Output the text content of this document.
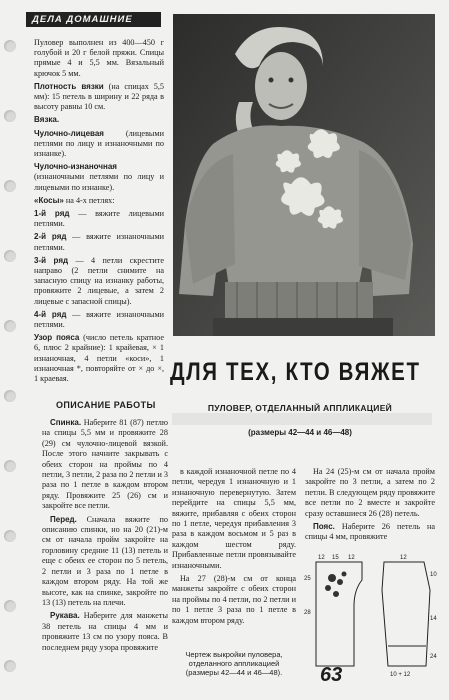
ДЕЛА ДОМАШНИЕ

Пуловер выполнен из 400—450 г голубой и 20 г белой пряжи. Спицы прямые 4 и 5,5 мм. Вязальный крючок 5 мм.

Плотность вязки (на спицах 5,5 мм): 15 петель в ширину и 22 ряда в высоту равны 10 см.

Вязка.

Чулочно-лицевая	(лицевыми петлями по лицу и изнаночными по изнанке).

Чулочно-изнаночная (изнаночными петлями по лицу и лицевыми по изнанке).

«Косы» на 4-х петлях:

1-й ряд — вяжите лицевыми петлями.

2-й ряд — вяжите изнаночными петлями.

3-й ряд — 4 петли скрестите направо (2 петли снимите на запасную спицу на изнанку работы, провяжите 2 лицевые, а затем 2 лицевые с запасной спицы).

4-й ряд — вяжите изнаночными петлями.

Узор пояса (число петель кратное 6, плюс 2 крайние): 1 крайевая, × 1 изнаночная, 4 петли «коси», 1 изнаночная *, повторяйте от × до ×, 1 краевая.	ДЛЯ ТЕХ, КТО ВЯЖЕТ
ПУЛОВЕР, ОТДЕЛАННЫЙ АППЛИКАЦИЕЙ
(размеры 42—44 и 46—48)
ОПИСАНИЕ РАБОТЫ

Спинка. Наберите 81 (87) петлю на спицы 5,5 мм и провяжите 28 (29) см чулочно-лицевой вязкой. После этого начните закрывать с обеих сторон на проймы по 4 петли, 3 петли, 2 раза по 2 петли и 3 раза по 1 петле в каждом втором ряду. Провяжите 25 (26) см и закройте все петли.

Перед. Сначала вяжите по описанию спинки, но на 20 (21)-м см от начала пройм закройте на горловину средние 11 (13) петель и еще с обеих ее сторон по 5 петель, 2 петли и 3 раза по 1 петле в каждом втором ряду. На той же высоте, как на спинке, закройте по 13 (13) петель на плечи.

Рукава. Наберите для манжеты 38 петель на спицы 4 мм и провяжите 13 см по узору пояса. В последнем ряду узора провяжите

в каждой изнаночной петле по 4 петли, чередуя 1 изнаночную и 1 изнаночную перевернутую. Затем перейдите на спицы 5,5 мм, вяжите, прибавляя с обеих сторон по 1 петле, чередуя прибавления 3 раза в каждом восьмом и 5 раз в каждом шестом ряду. Прибавленные петли провязывайте изнаночными.

На 27 (28)-м см от конца манжеты закройте с обеих сторон на проймы по 4 петли, по 2 петли и по 1 петле 3 раза по 1 петле в каждом втором ряду.

Чертеж выкройки пуловера, отделанного аппликацией (размеры 42—44 и 46—48).

На 24 (25)-м см от начала пройм закройте по 3 петли, а затем по 2 петли. В следующем ряду провяжите все петли по 2 вместе и закройте сразу оставшиеся 26 (28) петель.

Пояс. Наберите 26 петель на спицы 4 мм, провяжите

28
25
12 15 12
10
12
14
10 + 12
24
63
